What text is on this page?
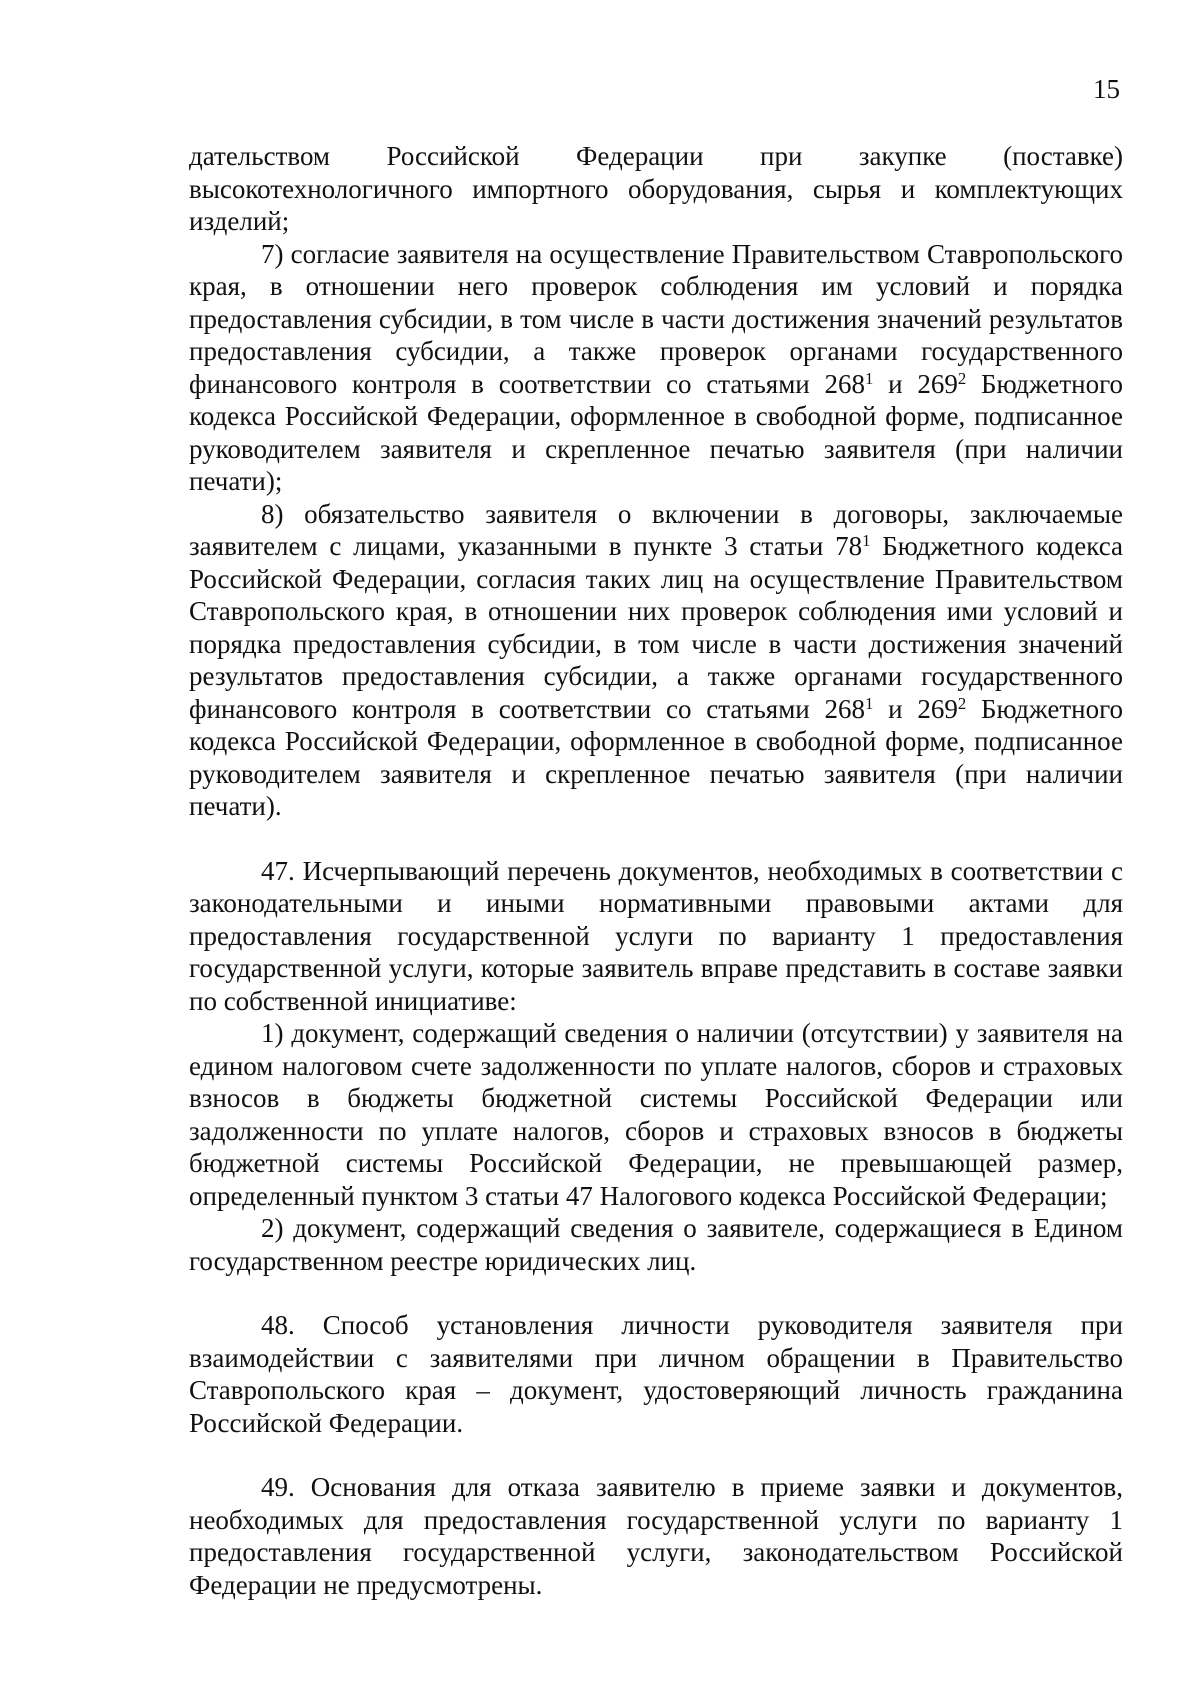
15

дательством Российской Федерации при закупке (поставке) высокотехнологичного импортного оборудования, сырья и комплектующих изделий;

7) согласие заявителя на осуществление Правительством Ставропольского края, в отношении него проверок соблюдения им условий и порядка предоставления субсидии, в том числе в части достижения значений результатов предоставления субсидии, а также проверок органами государственного финансового контроля в соответствии со статьями $268^1$ и $269^2$ Бюджетного кодекса Российской Федерации, оформленное в свободной форме, подписанное руководителем заявителя и скрепленное печатью заявителя (при наличии печати);

8) обязательство заявителя о включении в договоры, заключаемые заявителем с лицами, указанными в пункте 3 статьи $78^1$ Бюджетного кодекса Российской Федерации, согласия таких лиц на осуществление Правительством Ставропольского края, в отношении них проверок соблюдения ими условий и порядка предоставления субсидии, в том числе в части достижения значений результатов предоставления субсидии, а также органами государственного финансового контроля в соответствии со статьями $268^1$ и $269^2$ Бюджетного кодекса Российской Федерации, оформленное в свободной форме, подписанное руководителем заявителя и скрепленное печатью заявителя (при наличии печати).

47. Исчерпывающий перечень документов, необходимых в соответствии с законодательными и иными нормативными правовыми актами для предоставления государственной услуги по варианту 1 предоставления государственной услуги, которые заявитель вправе представить в составе заявки по собственной инициативе:

1) документ, содержащий сведения о наличии (отсутствии) у заявителя на едином налоговом счете задолженности по уплате налогов, сборов и страховых взносов в бюджеты бюджетной системы Российской Федерации или задолженности по уплате налогов, сборов и страховых взносов в бюджеты бюджетной системы Российской Федерации, не превышающей размер, определенный пунктом 3 статьи 47 Налогового кодекса Российской Федерации;

2) документ, содержащий сведения о заявителе, содержащиеся в Едином государственном реестре юридических лиц.

48. Способ установления личности руководителя заявителя при взаимодействии с заявителями при личном обращении в Правительство Ставропольского края – документ, удостоверяющий личность гражданина Российской Федерации.

49. Основания для отказа заявителю в приеме заявки и документов, необходимых для предоставления государственной услуги по варианту 1 предоставления государственной услуги, законодательством Российской Федерации не предусмотрены.
